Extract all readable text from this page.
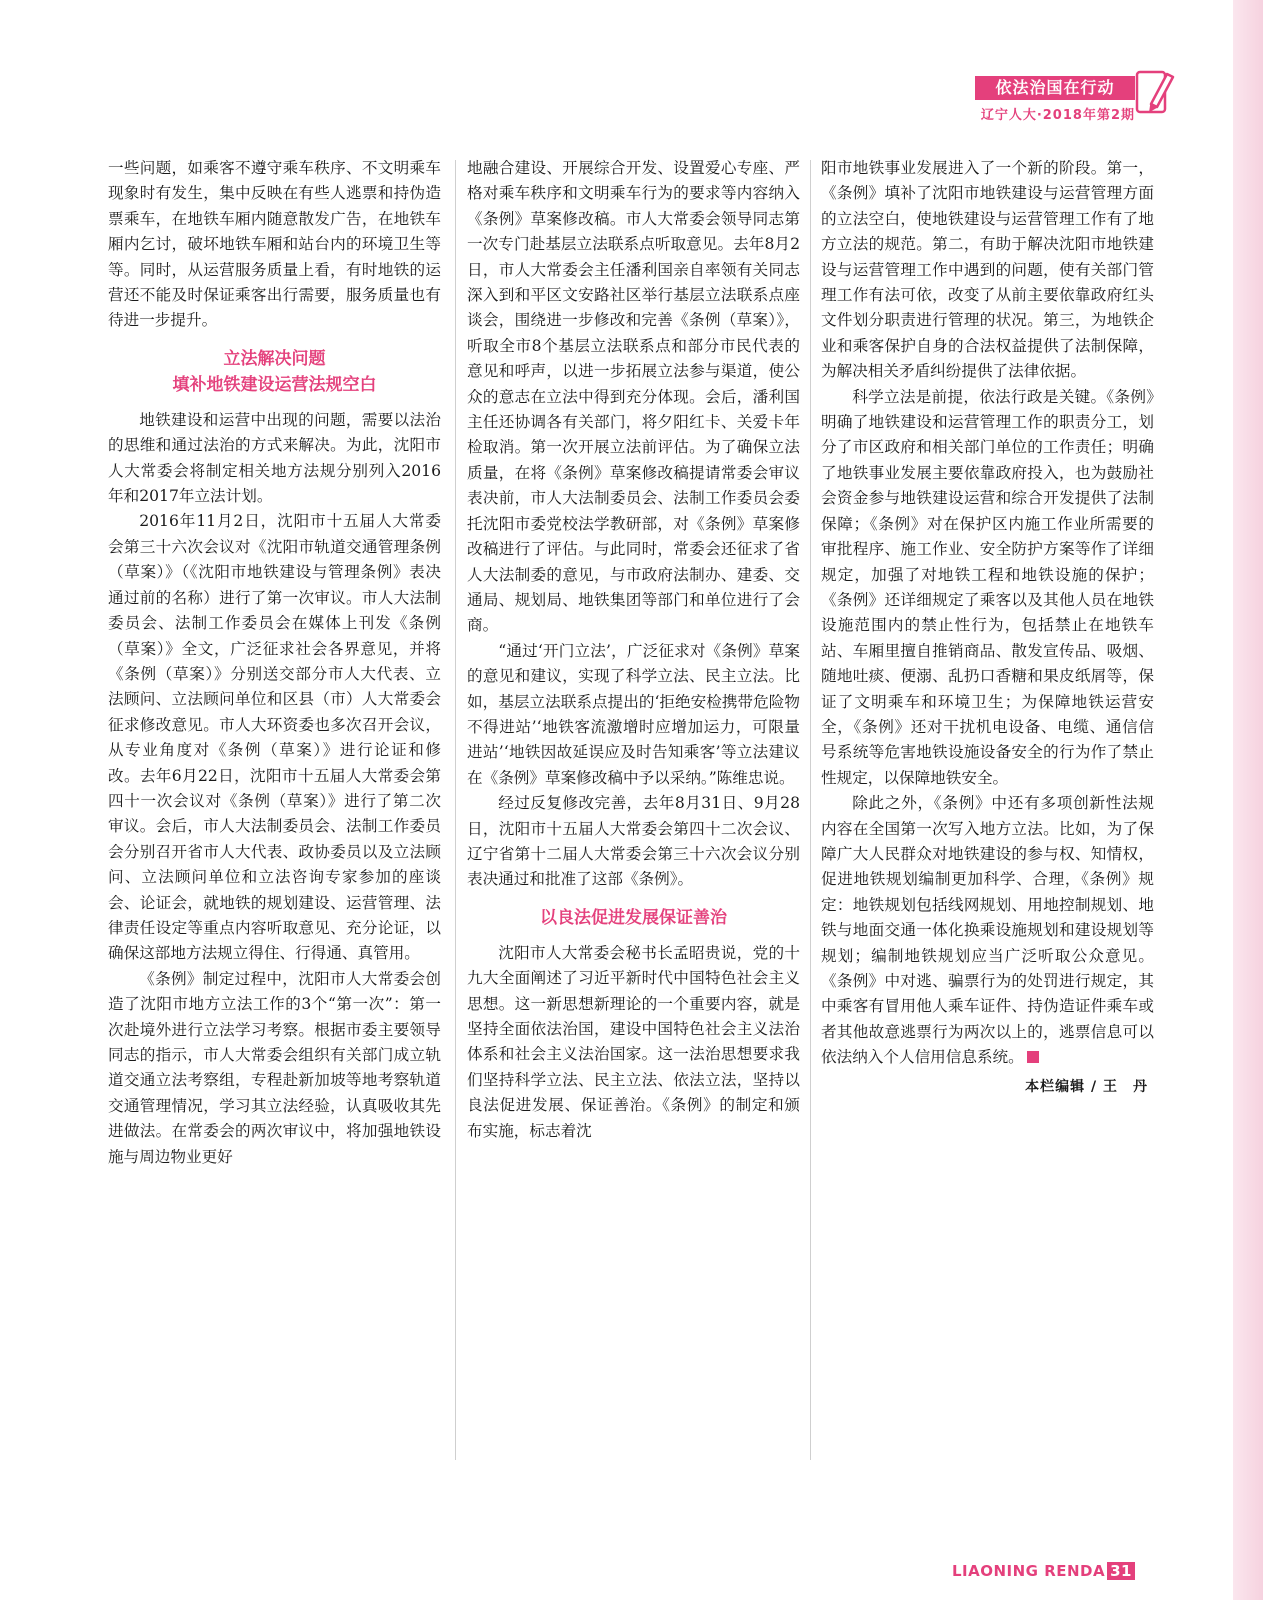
依法治国在行动
辽宁人大·2018年第2期

一些问题，如乘客不遵守乘车秩序、不文明乘车现象时有发生，集中反映在有些人逃票和持伪造票乘车，在地铁车厢内随意散发广告，在地铁车厢内乞讨，破坏地铁车厢和站台内的环境卫生等等。同时，从运营服务质量上看，有时地铁的运营还不能及时保证乘客出行需要，服务质量也有待进一步提升。

立法解决问题
填补地铁建设运营法规空白

地铁建设和运营中出现的问题，需要以法治的思维和通过法治的方式来解决。为此，沈阳市人大常委会将制定相关地方法规分别列入2016年和2017年立法计划。

2016年11月2日，沈阳市十五届人大常委会第三十六次会议对《沈阳市轨道交通管理条例（草案）》（《沈阳市地铁建设与管理条例》表决通过前的名称）进行了第一次审议。市人大法制委员会、法制工作委员会在媒体上刊发《条例（草案）》全文，广泛征求社会各界意见，并将《条例（草案）》分别送交部分市人大代表、立法顾问、立法顾问单位和区县（市）人大常委会征求修改意见。市人大环资委也多次召开会议，从专业角度对《条例（草案）》进行论证和修改。去年6月22日，沈阳市十五届人大常委会第四十一次会议对《条例（草案）》进行了第二次审议。会后，市人大法制委员会、法制工作委员会分别召开省市人大代表、政协委员以及立法顾问、立法顾问单位和立法咨询专家参加的座谈会、论证会，就地铁的规划建设、运营管理、法律责任设定等重点内容听取意见、充分论证，以确保这部地方法规立得住、行得通、真管用。

《条例》制定过程中，沈阳市人大常委会创造了沈阳市地方立法工作的3个“第一次”：第一次赴境外进行立法学习考察。根据市委主要领导同志的指示，市人大常委会组织有关部门成立轨道交通立法考察组，专程赴新加坡等地考察轨道交通管理情况，学习其立法经验，认真吸收其先进做法。在常委会的两次审议中，将加强地铁设施与周边物业更好

地融合建设、开展综合开发、设置爱心专座、严格对乘车秩序和文明乘车行为的要求等内容纳入《条例》草案修改稿。市人大常委会领导同志第一次专门赴基层立法联系点听取意见。去年8月2日，市人大常委会主任潘利国亲自率领有关同志深入到和平区文安路社区举行基层立法联系点座谈会，围绕进一步修改和完善《条例（草案）》，听取全市8个基层立法联系点和部分市民代表的意见和呼声，以进一步拓展立法参与渠道，使公众的意志在立法中得到充分体现。会后，潘利国主任还协调各有关部门，将夕阳红卡、关爱卡年检取消。第一次开展立法前评估。为了确保立法质量，在将《条例》草案修改稿提请常委会审议表决前，市人大法制委员会、法制工作委员会委托沈阳市委党校法学教研部，对《条例》草案修改稿进行了评估。与此同时，常委会还征求了省人大法制委的意见，与市政府法制办、建委、交通局、规划局、地铁集团等部门和单位进行了会商。

“通过‘开门立法’，广泛征求对《条例》草案的意见和建议，实现了科学立法、民主立法。比如，基层立法联系点提出的‘拒绝安检携带危险物不得进站’‘地铁客流激增时应增加运力，可限量进站’‘地铁因故延误应及时告知乘客’等立法建议在《条例》草案修改稿中予以采纳。”陈维忠说。

经过反复修改完善，去年8月31日、9月28日，沈阳市十五届人大常委会第四十二次会议、辽宁省第十二届人大常委会第三十六次会议分别表决通过和批准了这部《条例》。

以良法促进发展保证善治

沈阳市人大常委会秘书长孟昭贵说，党的十九大全面阐述了习近平新时代中国特色社会主义思想。这一新思想新理论的一个重要内容，就是坚持全面依法治国，建设中国特色社会主义法治体系和社会主义法治国家。这一法治思想要求我们坚持科学立法、民主立法、依法立法，坚持以良法促进发展、保证善治。《条例》的制定和颁布实施，标志着沈

阳市地铁事业发展进入了一个新的阶段。第一，《条例》填补了沈阳市地铁建设与运营管理方面的立法空白，使地铁建设与运营管理工作有了地方立法的规范。第二，有助于解决沈阳市地铁建设与运营管理工作中遇到的问题，使有关部门管理工作有法可依，改变了从前主要依靠政府红头文件划分职责进行管理的状况。第三，为地铁企业和乘客保护自身的合法权益提供了法制保障，为解决相关矛盾纠纷提供了法律依据。

科学立法是前提，依法行政是关键。《条例》明确了地铁建设和运营管理工作的职责分工，划分了市区政府和相关部门单位的工作责任；明确了地铁事业发展主要依靠政府投入，也为鼓励社会资金参与地铁建设运营和综合开发提供了法制保障；《条例》对在保护区内施工作业所需要的审批程序、施工作业、安全防护方案等作了详细规定，加强了对地铁工程和地铁设施的保护；《条例》还详细规定了乘客以及其他人员在地铁设施范围内的禁止性行为，包括禁止在地铁车站、车厢里擅自推销商品、散发宣传品、吸烟、随地吐痰、便溺、乱扔口香糖和果皮纸屑等，保证了文明乘车和环境卫生；为保障地铁运营安全，《条例》还对干扰机电设备、电缆、通信信号系统等危害地铁设施设备安全的行为作了禁止性规定，以保障地铁安全。

除此之外，《条例》中还有多项创新性法规内容在全国第一次写入地方立法。比如，为了保障广大人民群众对地铁建设的参与权、知情权，促进地铁规划编制更加科学、合理，《条例》规定：地铁规划包括线网规划、用地控制规划、地铁与地面交通一体化换乘设施规划和建设规划等规划；编制地铁规划应当广泛听取公众意见。《条例》中对逃、骗票行为的处罚进行规定，其中乘客有冒用他人乘车证件、持伪造证件乘车或者其他故意逃票行为两次以上的，逃票信息可以依法纳入个人信用信息系统。

本栏编辑 / 王　丹
LIAONING RENDA 31
